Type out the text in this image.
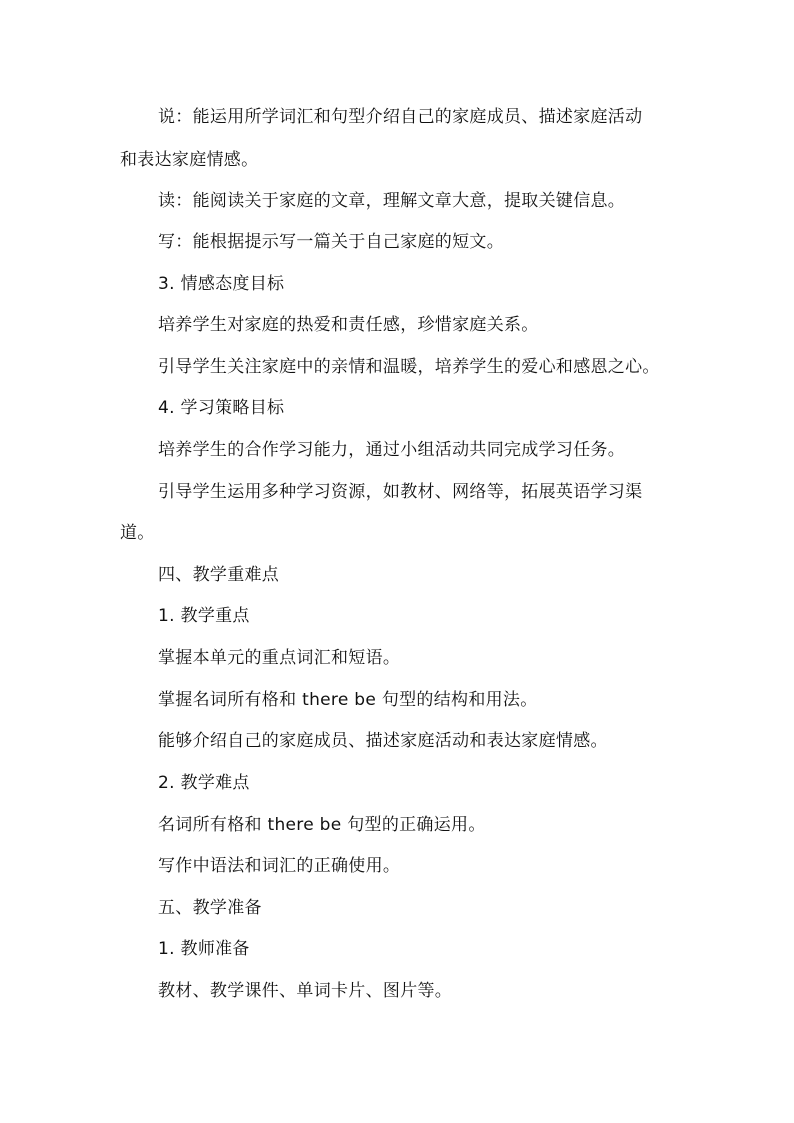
说：能运用所学词汇和句型介绍自己的家庭成员、描述家庭活动
和表达家庭情感。
读：能阅读关于家庭的文章，理解文章大意，提取关键信息。
写：能根据提示写一篇关于自己家庭的短文。
3. 情感态度目标
培养学生对家庭的热爱和责任感，珍惜家庭关系。
引导学生关注家庭中的亲情和温暖，培养学生的爱心和感恩之心。
4. 学习策略目标
培养学生的合作学习能力，通过小组活动共同完成学习任务。
引导学生运用多种学习资源，如教材、网络等，拓展英语学习渠
道。
四、教学重难点
1. 教学重点
掌握本单元的重点词汇和短语。
掌握名词所有格和 there be 句型的结构和用法。
能够介绍自己的家庭成员、描述家庭活动和表达家庭情感。
2. 教学难点
名词所有格和 there be 句型的正确运用。
写作中语法和词汇的正确使用。
五、教学准备
1. 教师准备
教材、教学课件、单词卡片、图片等。
